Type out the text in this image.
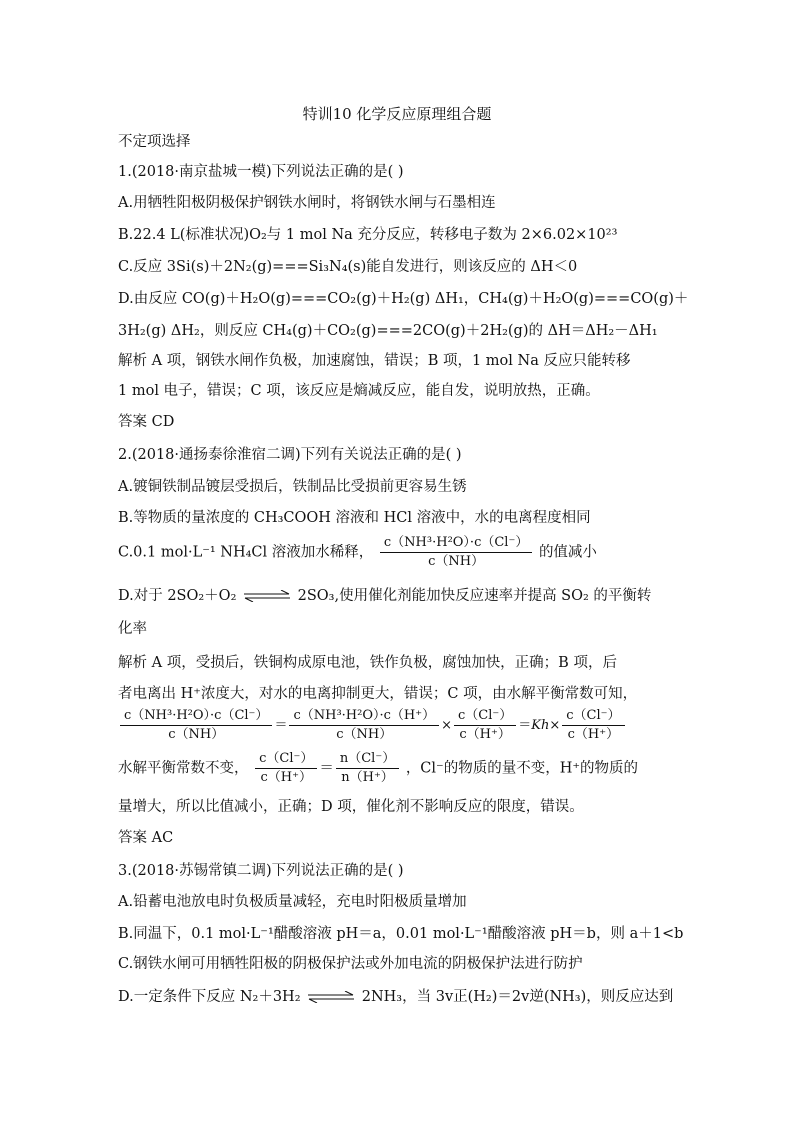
特训10 化学反应原理组合题
不定项选择
1.(2018·南京盐城一模)下列说法正确的是( )
A.用牺牲阳极阴极保护钢铁水闸时，将钢铁水闸与石墨相连
B.22.4 L(标准状况)O₂与 1 mol Na 充分反应，转移电子数为 2×6.02×10²³
C.反应 3Si(s)＋2N₂(g)===Si₃N₄(s)能自发进行，则该反应的 ΔH＜0
D.由反应 CO(g)＋H₂O(g)===CO₂(g)＋H₂(g) ΔH₁，CH₄(g)＋H₂O(g)===CO(g)＋
3H₂(g) ΔH₂，则反应 CH₄(g)＋CO₂(g)===2CO(g)＋2H₂(g)的 ΔH＝ΔH₂－ΔH₁
解析 A 项，钢铁水闸作负极，加速腐蚀，错误；B 项，1 mol Na 反应只能转移
1 mol 电子，错误；C 项，该反应是熵减反应，能自发，说明放热，正确。
答案 CD
2.(2018·通扬泰徐淮宿二调)下列有关说法正确的是( )
A.镀铜铁制品镀层受损后，铁制品比受损前更容易生锈
B.等物质的量浓度的 CH₃COOH 溶液和 HCl 溶液中，水的电离程度相同
C.0.1 mol·L⁻¹ NH₄Cl 溶液加水稀释， $\frac{\text{c（NH³·H²O）·c（Cl⁻）}}{c(NH)}$ 的值减小
D.对于 2SO₂＋O₂ ⇌ 2SO₃,使用催化剂能加快反应速率并提高 SO₂ 的平衡转
化率
解析 A 项，受损后，铁铜构成原电池，铁作负极，腐蚀加快，正确；B 项，后
者电离出 H⁺浓度大，对水的电离抑制更大，错误；C 项，由水解平衡常数可知，
$\frac{\text{c（NH³·H²O）·c（Cl⁻）}}{c(NH)} = \frac{\text{c（NH³·H²O）·c（H⁺）}}{c(NH)} \times \frac{c(Cl^-)}{c(H^+)} =Kh\times \frac{c(Cl^-)}{c(H^+)}$
水解平衡常数不变， $\frac{c(Cl^-)}{c(H^+)} = \frac{n(Cl^-)}{n(H^+)}$ ，Cl⁻的物质的量不变，H⁺的物质的
量增大，所以比值减小，正确；D 项，催化剂不影响反应的限度，错误。
答案 AC
3.(2018·苏锡常镇二调)下列说法正确的是( )
A.铅蓄电池放电时负极质量减轻，充电时阳极质量增加
B.同温下，0.1 mol·L⁻¹醋酸溶液 pH＝a，0.01 mol·L⁻¹醋酸溶液 pH＝b，则 a＋1<b
C.钢铁水闸可用牺牲阳极的阴极保护法或外加电流的阴极保护法进行防护
D.一定条件下反应 N₂＋3H₂ ⇌ 2NH₃，当 3v正(H₂)＝2v逆(NH₃)，则反应达到
